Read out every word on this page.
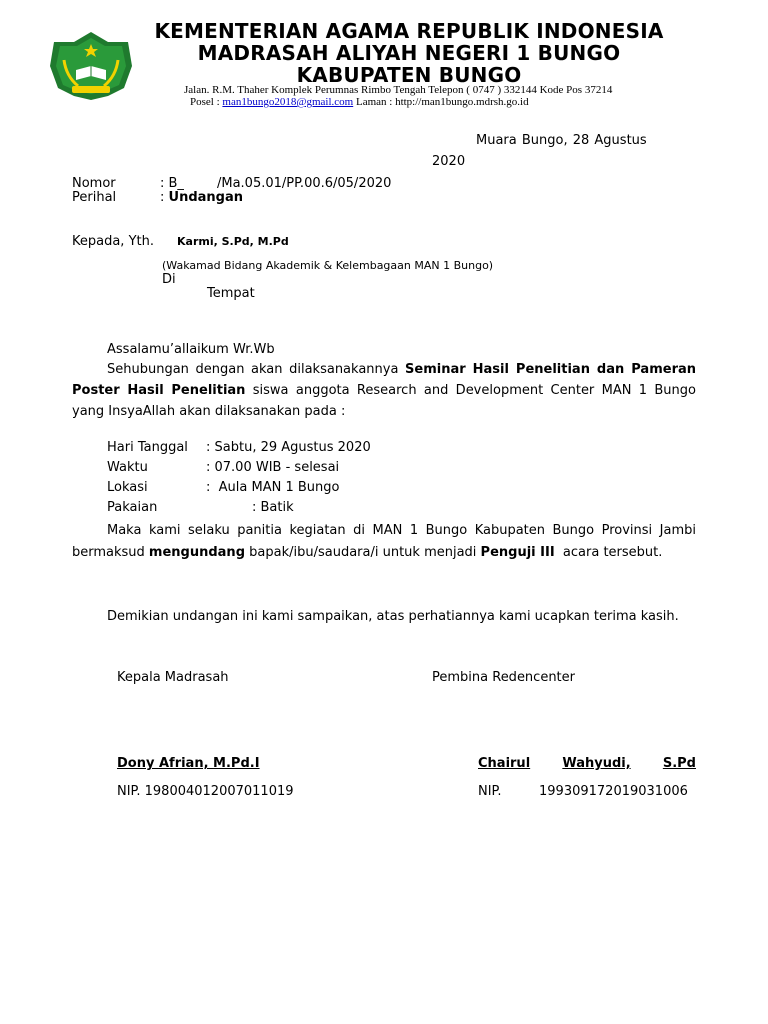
KEMENTERIAN AGAMA REPUBLIK INDONESIA
MADRASAH ALIYAH NEGERI 1 BUNGO
KABUPATEN BUNGO
Jalan. R.M. Thaher Komplek Perumnas Rimbo Tengah Telepon ( 0747 ) 332144 Kode Pos 37214
Posel : man1bungo2018@gmail.com Laman : http://man1bungo.mdrsh.go.id
Muara Bungo, 28 Agustus
2020
Nomor	: B_        /Ma.05.01/PP.00.6/05/2020
Perihal	: Undangan
Kepada, Yth. Karmi, S.Pd, M.Pd
(Wakamad Bidang Akademik & Kelembagaan MAN 1 Bungo)
Di
Tempat
Assalamu’allaikum Wr.Wb
Sehubungan dengan akan dilaksanakannya Seminar Hasil Penelitian dan Pameran Poster Hasil Penelitian siswa anggota Research and Development Center MAN 1 Bungo yang InsyaAllah akan dilaksanakan pada :
Hari Tanggal : Sabtu, 29 Agustus 2020
Waktu	: 07.00 WIB - selesai
Lokasi	:  Aula MAN 1 Bungo
Pakaian	: Batik
Maka kami selaku panitia kegiatan di MAN 1 Bungo Kabupaten Bungo Provinsi Jambi bermaksud mengundang bapak/ibu/saudara/i untuk menjadi Penguji III  acara tersebut.
Demikian undangan ini kami sampaikan, atas perhatiannya kami ucapkan terima kasih.
Kepala Madrasah	Pembina Redencenter
Dony Afrian, M.Pd.I	Chairul Wahyudi, S.Pd
NIP. 198004012007011019	NIP.	199309172019031006
